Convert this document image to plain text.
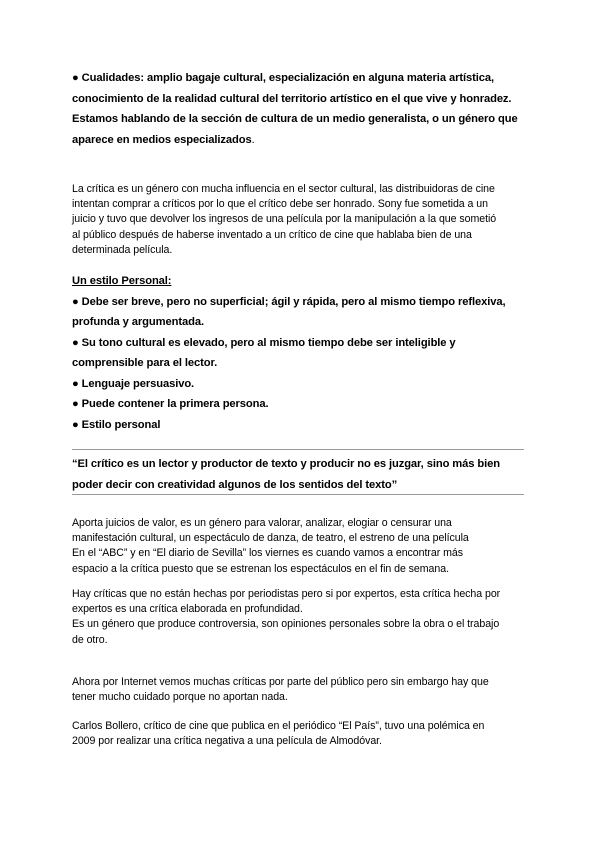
● Cualidades: amplio bagaje cultural, especialización en alguna materia artística,
conocimiento de la realidad cultural del territorio artístico en el que vive y honradez.
Estamos hablando de la sección de cultura de un medio generalista, o un género que
aparece en medios especializados.
La crítica es un género con mucha influencia en el sector cultural, las distribuidoras de cine
intentan comprar a críticos por lo que el crítico debe ser honrado. Sony fue sometida a un
juicio y tuvo que devolver los ingresos de una película por la manipulación a la que sometió
al público después de haberse inventado a un crítico de cine que hablaba bien de una
determinada película.
Un estilo Personal:
● Debe ser breve, pero no superficial; ágil y rápida, pero al mismo tiempo reflexiva,
profunda y argumentada.
● Su tono cultural es elevado, pero al mismo tiempo debe ser inteligible y
comprensible para el lector.
● Lenguaje persuasivo.
● Puede contener la primera persona.
● Estilo personal
“El crítico es un lector y productor de texto y producir no es juzgar, sino más bien
poder decir con creatividad algunos de los sentidos del texto”
Aporta juicios de valor, es un género para valorar, analizar, elogiar o censurar una
manifestación cultural, un espectáculo de danza, de teatro, el estreno de una película
En el “ABC” y en “El diario de Sevilla” los viernes es cuando vamos a encontrar más
espacio a la crítica puesto que se estrenan los espectáculos en el fin de semana.
Hay críticas que no están hechas por periodistas pero si por expertos, esta crítica hecha por
expertos es una crítica elaborada en profundidad.
Es un género que produce controversia, son opiniones personales sobre la obra o el trabajo
de otro.
Ahora por Internet vemos muchas críticas por parte del público pero sin embargo hay que
tener mucho cuidado porque no aportan nada.
Carlos Bollero, crítico de cine que publica en el periódico “El País”, tuvo una polémica en
2009 por realizar una crítica negativa a una película de Almodóvar.
